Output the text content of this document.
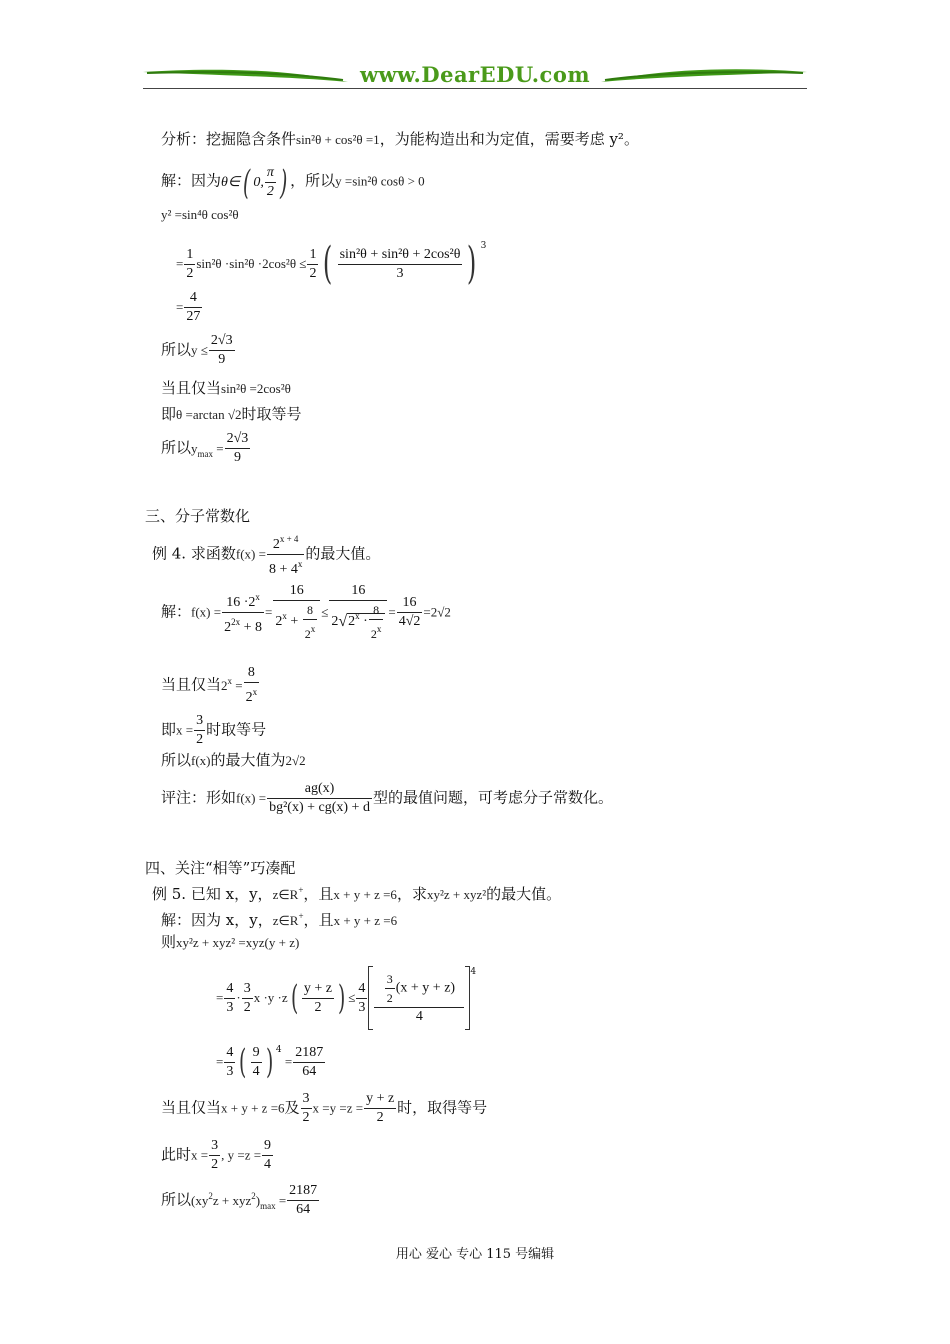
www.DearEDU.com
分析：挖掘隐含条件sin²θ + cos²θ =1，为能构造出和为定值，需要考虑 y²。
解：因为θ∈( 0, $\frac{\pi}{2}$ ) ，所以y =sin²θ cosθ > 0
y² =sin⁴θ cos²θ
= $\frac{1}{2} \sin^2\theta \cdot\sin^2\theta \cdot 2\cos^2\theta \le \frac{1}{2}$ ( $\frac{\text{sin²θ + sin²θ + 2cos²θ}}{3}$ ) $^3$
= $\frac{4}{27}$
所以$y \le \frac{2√3}{9}$
当且仅当sin²θ =2cos²θ
即θ =arctan √2时取等号
所以$y_{max} = \frac{2√3}{9}$
三、分子常数化
例 4. 求函数$f(x) = \frac{2^{x + 4}}{8 + 4^x}$ 的最大值。
解：$f(x) = \frac{16 \cdot 2^x}{2^{2x} + 8} = \frac{16}{2^x + \frac{8}{2^x}} \le \frac{16}{2√2^x \cdot \frac{8}{2^x}} = \frac{16}{4√2} =2√2$
当且仅当$2^x = \frac{8}{2^x}$
即$x = \frac{3}{2}$ 时取等号
所以f(x)的最大值为2√2
评注：形如$f(x) = \frac{ag(x)}{\text{bg²(x) + cg(x) + d}}$ 型的最值问题，可考虑分子常数化。
四、关注“相等”巧凑配
例 5. 已知 x，y，z∈R+，且x + y + z =6，求xy²z + xyz²的最大值。
解：因为 x，y，z∈R+，且x + y + z =6
则xy²z + xyz² =xyz(y + z)
= $\frac{4}{3} \cdot \frac{3}{2}$ $x \cdot y \cdot z( \frac{y + z}{2}$ ) ≤ $\frac{4}{3} \frac{\frac{3}{2} (x + y + z)}{4} ^4$
= $\frac{4}{3}$ ( $\frac{9}{4}$ ) $^4 = \frac{2187}{64}$
当且仅当x + y + z =6及 $\frac{3}{2}$ $x =y =z = \frac{y + z}{2}$ 时，取得等号
此时$x = \frac{3}{2}$ , $y =z = \frac{9}{4}$
所以$(xy^2z + xyz^2)_{max} = \frac{2187}{64}$
用心 爱心 专心 115 号编辑
